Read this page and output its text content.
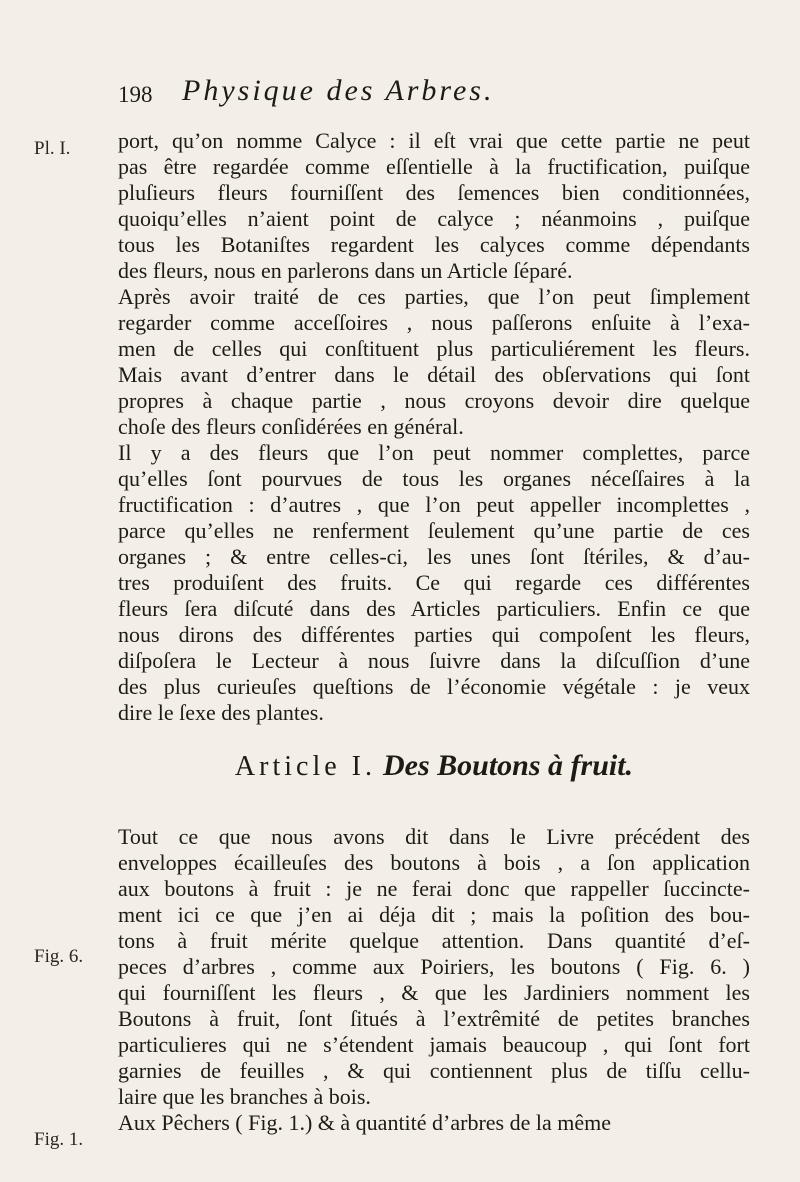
198 Physique des Arbres.
Pl. I.
Fig. 6.
Fig. 1.
port, qu’on nomme Calyce : il eſt vrai que cette partie ne peut
pas être regardée comme eſſentielle à la fructification, puiſque
pluſieurs fleurs fourniſſent des ſemences bien conditionnées,
quoiqu’elles n’aient point de calyce ; néanmoins , puiſque
tous les Botaniſtes regardent les calyces comme dépendants
des fleurs, nous en parlerons dans un Article ſéparé.
Après avoir traité de ces parties, que l’on peut ſimplement
regarder comme acceſſoires , nous paſſerons enſuite à l’exa-
men de celles qui conſtituent plus particuliérement les fleurs.
Mais avant d’entrer dans le détail des obſervations qui ſont
propres à chaque partie , nous croyons devoir dire quelque
choſe des fleurs conſidérées en général.
Il y a des fleurs que l’on peut nommer complettes, parce
qu’elles ſont pourvues de tous les organes néceſſaires à la
fructification : d’autres , que l’on peut appeller incomplettes ,
parce qu’elles ne renferment ſeulement qu’une partie de ces
organes ; & entre celles-ci, les unes ſont ſtériles, & d’au-
tres produiſent des fruits. Ce qui regarde ces différentes
fleurs ſera diſcuté dans des Articles particuliers. Enfin ce que
nous dirons des différentes parties qui compoſent les fleurs,
diſpoſera le Lecteur à nous ſuivre dans la diſcuſſion d’une
des plus curieuſes queſtions de l’économie végétale : je veux
dire le ſexe des plantes.
Article I. Des Boutons à fruit.
Tout ce que nous avons dit dans le Livre précédent des
enveloppes écailleuſes des boutons à bois , a ſon application
aux boutons à fruit : je ne ferai donc que rappeller ſuccincte-
ment ici ce que j’en ai déja dit ; mais la poſition des bou-
tons à fruit mérite quelque attention. Dans quantité d’eſ-
peces d’arbres , comme aux Poiriers, les boutons ( Fig. 6. )
qui fourniſſent les fleurs , & que les Jardiniers nomment les
Boutons à fruit, ſont ſitués à l’extrêmité de petites branches
particulieres qui ne s’étendent jamais beaucoup , qui ſont fort
garnies de feuilles , & qui contiennent plus de tiſſu cellu-
laire que les branches à bois.
Aux Pêchers ( Fig. 1.) & à quantité d’arbres de la même
